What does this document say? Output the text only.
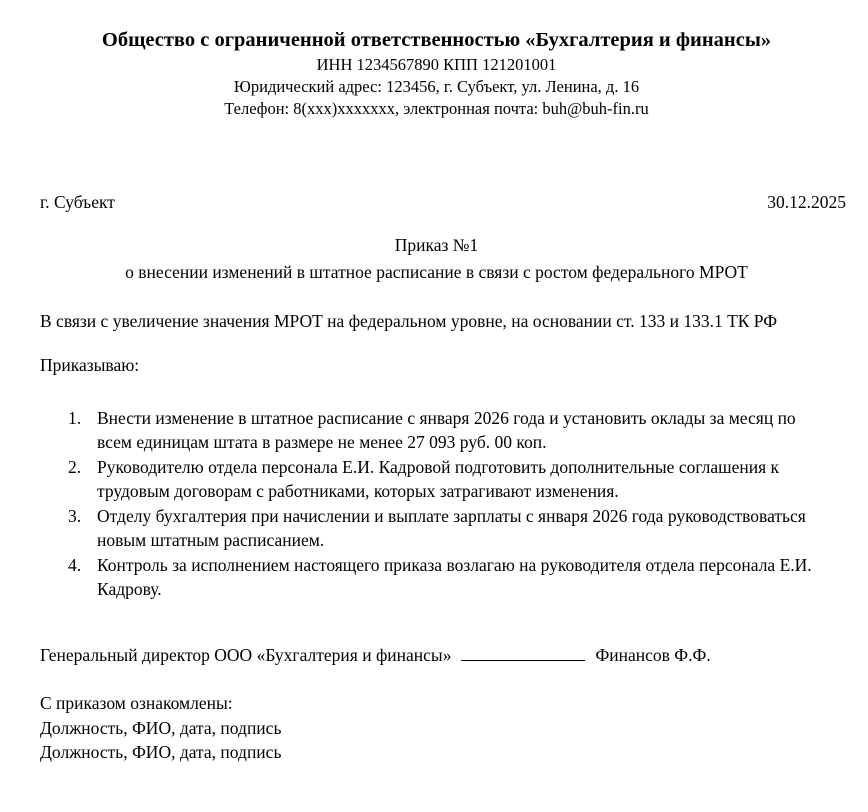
Общество с ограниченной ответственностью «Бухгалтерия и финансы»
ИНН 1234567890 КПП 121201001
Юридический адрес: 123456, г. Субъект, ул. Ленина, д. 16
Телефон: 8(xxx)xxxxxxx, электронная почта: buh@buh-fin.ru
г. Субъект	30.12.2025
Приказ №1
о внесении изменений в штатное расписание в связи с ростом федерального МРОТ

В связи с увеличение значения МРОТ на федеральном уровне, на основании ст. 133 и 133.1 ТК РФ

Приказываю:

1. Внести изменение в штатное расписание с января 2026 года и установить оклады за месяц по всем единицам штата в размере не менее 27 093 руб. 00 коп.
2. Руководителю отдела персонала Е.И. Кадровой подготовить дополнительные соглашения к трудовым договорам с работниками, которых затрагивают изменения.
3. Отделу бухгалтерия при начислении и выплате зарплаты с января 2026 года руководствоваться новым штатным расписанием.
4. Контроль за исполнением настоящего приказа возлагаю на руководителя отдела персонала Е.И. Кадрову.
Генеральный директор ООО «Бухгалтерия и финансы»	Финансов Ф.Ф.
С приказом ознакомлены:
Должность, ФИО, дата, подпись
Должность, ФИО, дата, подпись
